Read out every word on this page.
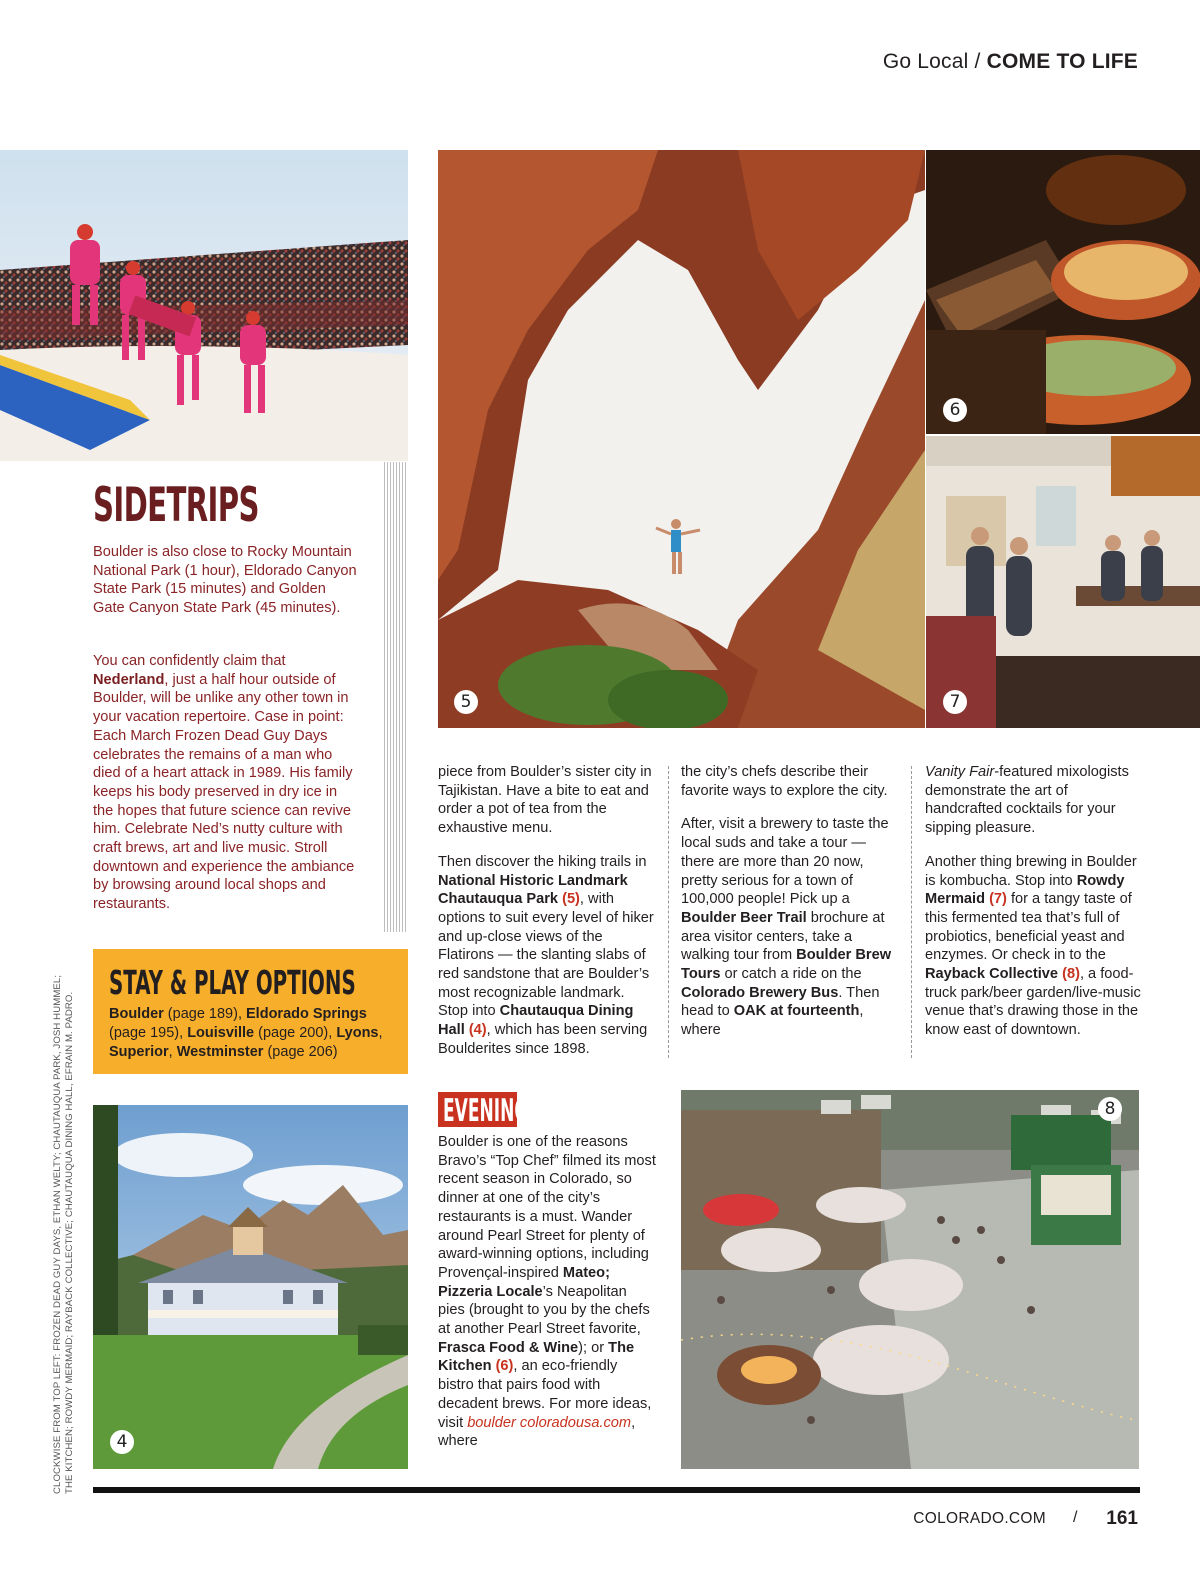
Go Local / COME TO LIFE
5
6
7
SIDETRIPS

Boulder is also close to Rocky Mountain National Park (1 hour), Eldorado Canyon State Park (15 minutes) and Golden Gate Canyon State Park (45 minutes).

You can confidently claim that Nederland, just a half hour outside of Boulder, will be unlike any other town in your vacation repertoire. Case in point: Each March Frozen Dead Guy Days celebrates the remains of a man who died of a heart attack in 1989. His family keeps his body preserved in dry ice in the hopes that future science can revive him. Celebrate Ned’s nutty culture with craft brews, art and live music. Stroll downtown and experience the ambiance by browsing around local shops and restaurants.

STAY & PLAY OPTIONS
Boulder (page 189), Eldorado Springs (page 195), Louisville (page 200), Lyons, Superior, Westminster (page 206)
4
CLOCKWISE FROM TOP LEFT: FROZEN DEAD GUY DAYS, ETHAN WELTY; CHAUTAUQUA PARK, JOSH HUMMEL; THE KITCHEN; ROWDY MERMAID; RAYBACK COLLECTIVE; CHAUTAUQUA DINING HALL, EFRAIN M. PADRO.

piece from Boulder’s sister city in Tajikistan. Have a bite to eat and order a pot of tea from the exhaustive menu.

Then discover the hiking trails in National Historic Landmark Chautauqua Park (5), with options to suit every level of hiker and up-close views of the Flatirons — the slanting slabs of red sandstone that are Boulder’s most recognizable landmark. Stop into Chautauqua Dining Hall (4), which has been serving Boulderites since 1898.

EVENING

Boulder is one of the reasons Bravo’s “Top Chef” filmed its most recent season in Colorado, so dinner at one of the city’s restaurants is a must. Wander around Pearl Street for plenty of award-winning options, including Provençal-inspired Mateo; Pizzeria Locale’s Neapolitan pies (brought to you by the chefs at another Pearl Street favorite, Frasca Food & Wine); or The Kitchen (6), an eco-friendly bistro that pairs food with decadent brews. For more ideas, visit boulder coloradousa.com, where

the city’s chefs describe their favorite ways to explore the city.

After, visit a brewery to taste the local suds and take a tour — there are more than 20 now, pretty serious for a town of 100,000 people! Pick up a Boulder Beer Trail brochure at area visitor centers, take a walking tour from Boulder Brew Tours or catch a ride on the Colorado Brewery Bus. Then head to OAK at fourteenth, where

Vanity Fair-featured mixologists demonstrate the art of handcrafted cocktails for your sipping pleasure.

Another thing brewing in Boulder is kombucha. Stop into Rowdy Mermaid (7) for a tangy taste of this fermented tea that’s full of probiotics, beneficial yeast and enzymes. Or check in to the Rayback Collective (8), a food-truck park/beer garden/live-music venue that’s drawing those in the know east of downtown.

8
COLORADO.COM / 161
